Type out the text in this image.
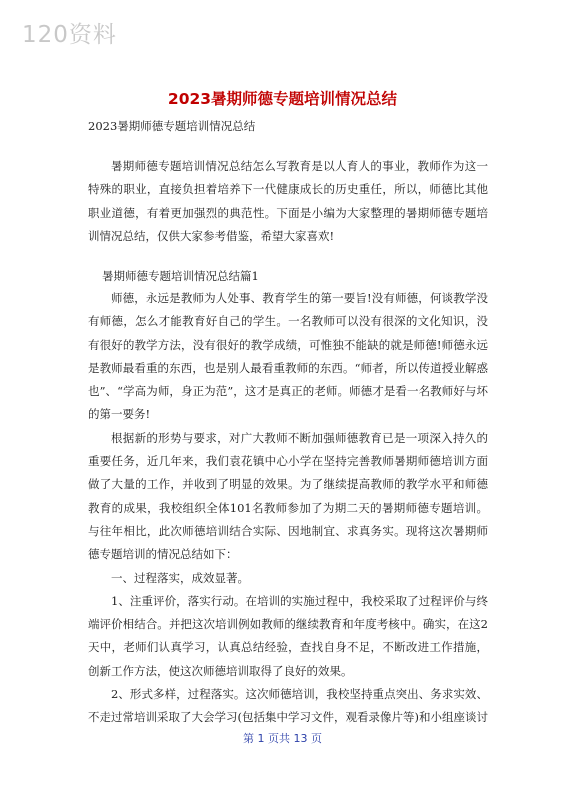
120资料
2023暑期师德专题培训情况总结
2023暑期师德专题培训情况总结

暑期师德专题培训情况总结怎么写教育是以人育人的事业，教师作为这一特殊的职业，直接负担着培养下一代健康成长的历史重任，所以，师德比其他职业道德，有着更加强烈的典范性。下面是小编为大家整理的暑期师德专题培训情况总结，仅供大家参考借鉴，希望大家喜欢!

暑期师德专题培训情况总结篇1

师德，永远是教师为人处事、教育学生的第一要旨!没有师德，何谈教学没有师德，怎么才能教育好自己的学生。一名教师可以没有很深的文化知识，没有很好的教学方法，没有很好的教学成绩，可惟独不能缺的就是师德!师德永远是教师最看重的东西，也是别人最看重教师的东西。“师者，所以传道授业解惑也”、“学高为师，身正为范”，这才是真正的老师。师德才是看一名教师好与坏的第一要务!

根据新的形势与要求，对广大教师不断加强师德教育已是一项深入持久的重要任务，近几年来，我们袁花镇中心小学在坚持完善教师暑期师德培训方面做了大量的工作，并收到了明显的效果。为了继续提高教师的教学水平和师德教育的成果，我校组织全体101名教师参加了为期二天的暑期师德专题培训。与往年相比，此次师德培训结合实际、因地制宜、求真务实。现将这次暑期师德专题培训的情况总结如下：

一、过程落实，成效显著。

1、注重评价，落实行动。在培训的实施过程中，我校采取了过程评价与终端评价相结合。并把这次培训例如教师的继续教育和年度考核中。确实，在这2天中，老师们认真学习，认真总结经验，查找自身不足，不断改进工作措施，创新工作方法，使这次师德培训取得了良好的效果。

2、形式多样，过程落实。这次师德培训，我校坚持重点突出、务求实效、不走过常培训采取了大会学习(包括集中学习文件，观看录像片等)和小组座谈讨

第 1 页共 13 页
